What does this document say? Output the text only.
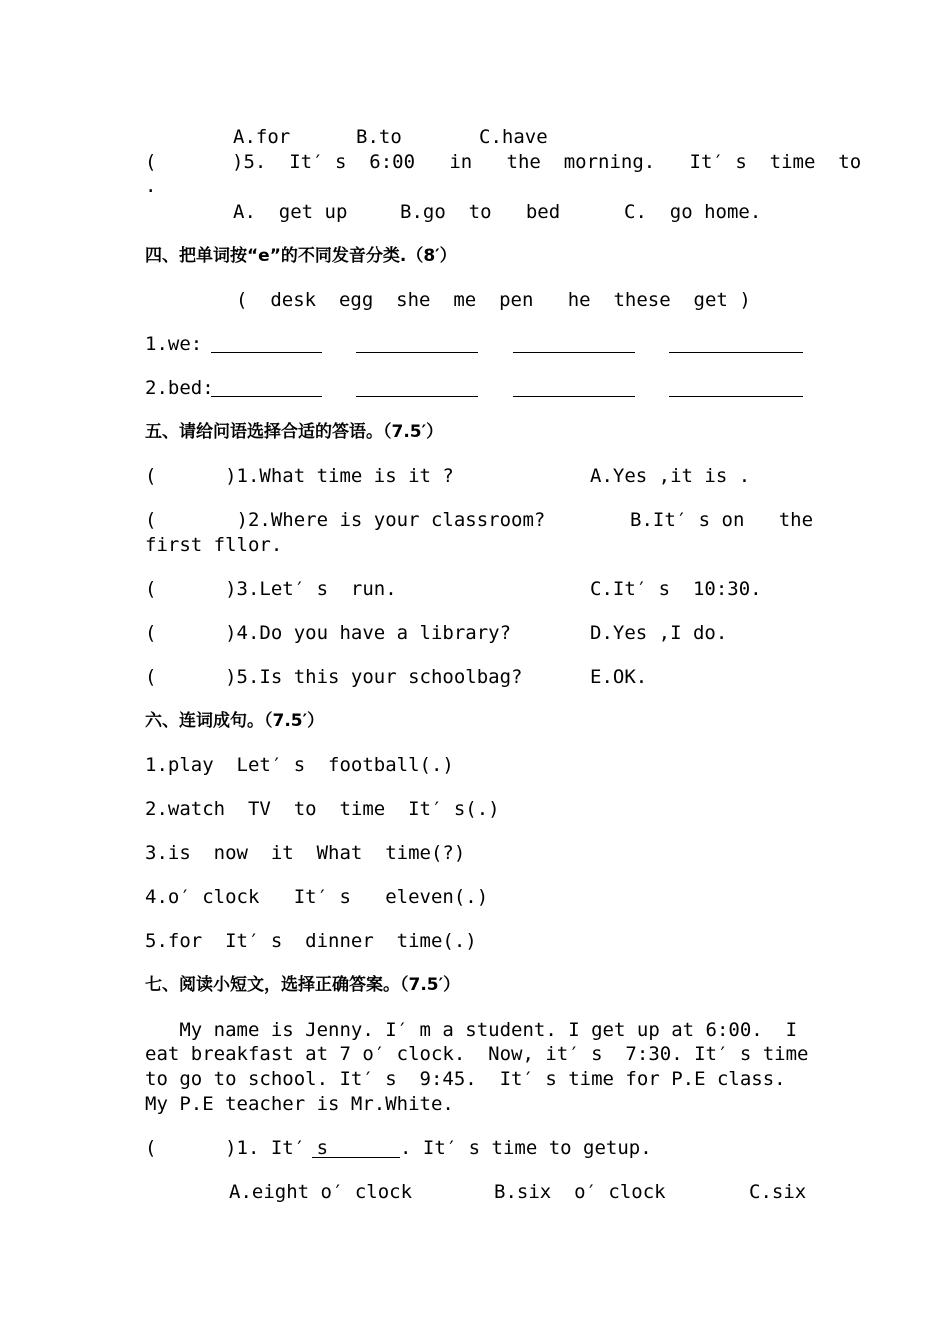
A.for	B.to	C.have
(	)5.  It′ s  6:00   in   the  morning.   It′ s  time  to
.
A.  get up	B.go  to   bed	C.  go home.
四、把单词按“e”的不同发音分类.（8′）
(  desk  egg  she  me  pen   he  these  get )
1.we:
2.bed:
五、请给问语选择合适的答语。（7.5′）
(      )1.What time is it ?	A.Yes ,it is .
(       )2.Where is your classroom?	B.It′ s on   the
first fllor.
(      )3.Let′ s  run.	C.It′ s  10:30.
(      )4.Do you have a library?	D.Yes ,I do.
(      )5.Is this your schoolbag?	E.OK.
六、连词成句。（7.5′）
1.play  Let′ s  football(.)
2.watch  TV  to  time  It′ s(.)
3.is  now  it  What  time(?)
4.o′ clock   It′ s   eleven(.)
5.for  It′ s  dinner  time(.)
七、阅读小短文，选择正确答案。（7.5′）
My name is Jenny. I′ m a student. I get up at 6:00.  I
eat breakfast at 7 o′ clock.  Now, it′ s  7:30. It′ s time
to go to school. It′ s  9:45.  It′ s time for P.E class.
My P.E teacher is Mr.White.
(      )1. It′ s	. It′ s time to getup.
A.eight o′ clock	B.six  o′ clock	C.six
